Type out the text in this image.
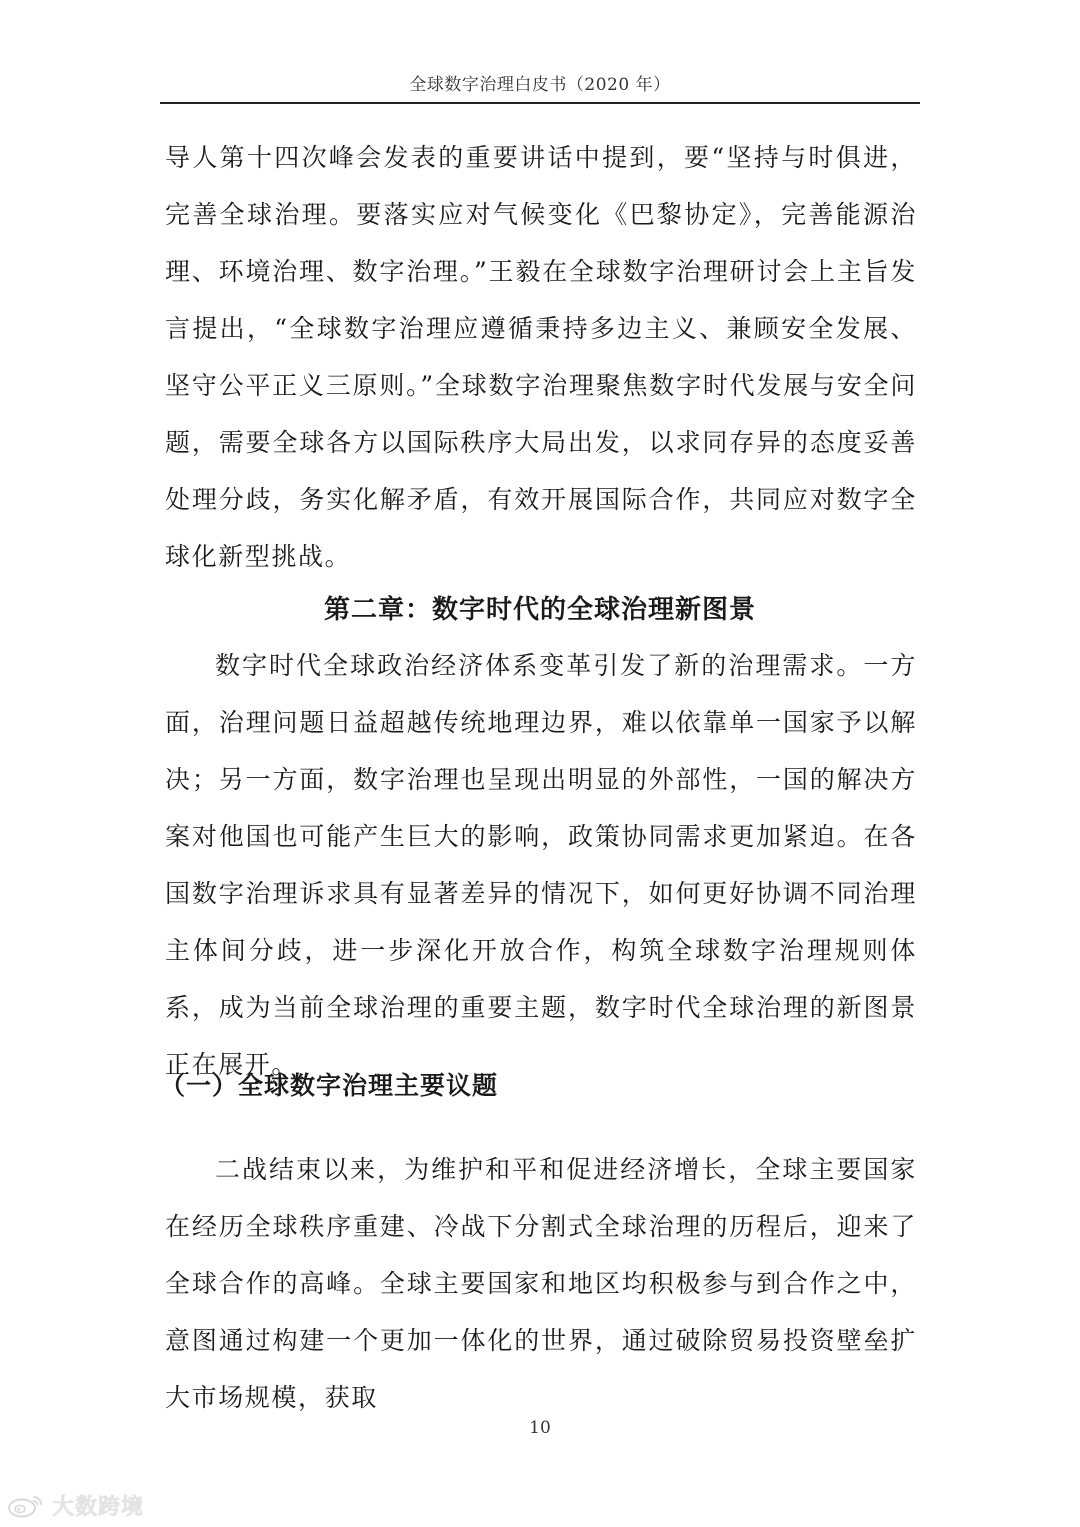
全球数字治理白皮书（2020 年）

导人第十四次峰会发表的重要讲话中提到，要“坚持与时俱进，完善全球治理。要落实应对气候变化《巴黎协定》，完善能源治理、环境治理、数字治理。”王毅在全球数字治理研讨会上主旨发言提出，“全球数字治理应遵循秉持多边主义、兼顾安全发展、坚守公平正义三原则。”全球数字治理聚焦数字时代发展与安全问题，需要全球各方以国际秩序大局出发，以求同存异的态度妥善处理分歧，务实化解矛盾，有效开展国际合作，共同应对数字全球化新型挑战。

第二章：数字时代的全球治理新图景

数字时代全球政治经济体系变革引发了新的治理需求。一方面，治理问题日益超越传统地理边界，难以依靠单一国家予以解决；另一方面，数字治理也呈现出明显的外部性，一国的解决方案对他国也可能产生巨大的影响，政策协同需求更加紧迫。在各国数字治理诉求具有显著差异的情况下，如何更好协调不同治理主体间分歧，进一步深化开放合作，构筑全球数字治理规则体系，成为当前全球治理的重要主题，数字时代全球治理的新图景正在展开。

（一）全球数字治理主要议题

二战结束以来，为维护和平和促进经济增长，全球主要国家在经历全球秩序重建、冷战下分割式全球治理的历程后，迎来了全球合作的高峰。全球主要国家和地区均积极参与到合作之中，意图通过构建一个更加一体化的世界，通过破除贸易投资壁垒扩大市场规模，获取

10
大数跨境
